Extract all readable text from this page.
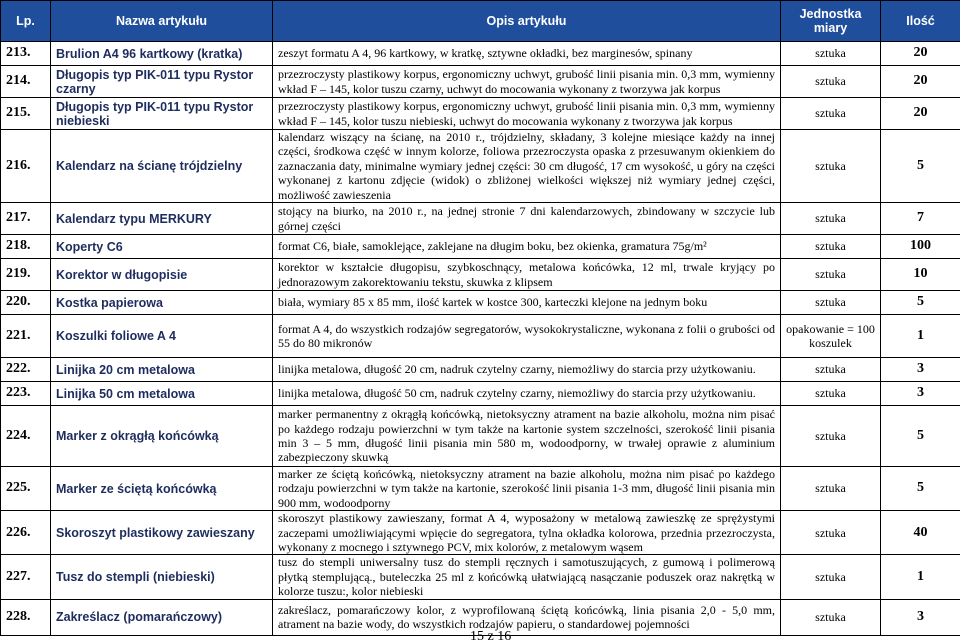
Lp.	Nazwa artykułu	Opis artykułu	Jednostka miary	Ilość
213.	Brulion A4 96 kartkowy (kratka)	zeszyt formatu A 4, 96 kartkowy, w kratkę, sztywne okładki, bez marginesów, spinany	sztuka	20
214.	Długopis typ PIK-011 typu Rystor czarny	przezroczysty plastikowy korpus, ergonomiczny uchwyt, grubość linii pisania min. 0,3 mm, wymienny wkład F – 145, kolor tuszu czarny, uchwyt do mocowania wykonany z tworzywa jak korpus	sztuka	20
215.	Długopis typ PIK-011 typu Rystor niebieski	przezroczysty plastikowy korpus, ergonomiczny uchwyt, grubość linii pisania min. 0,3 mm, wymienny wkład F – 145, kolor tuszu niebieski, uchwyt do mocowania wykonany z tworzywa jak korpus	sztuka	20
216.	Kalendarz na ścianę trójdzielny	kalendarz wiszący na ścianę, na 2010 r., trójdzielny, składany, 3 kolejne miesiące każdy na innej części, środkowa część w innym kolorze, foliowa przezroczysta opaska z przesuwanym okienkiem do zaznaczania daty, minimalne wymiary jednej części: 30 cm długość, 17 cm wysokość, u góry na części wykonanej z kartonu zdjęcie (widok) o zbliżonej wielkości większej niż wymiary jednej części, możliwość zawieszenia	sztuka	5
217.	Kalendarz typu MERKURY	stojący na biurko, na 2010 r., na jednej stronie 7 dni kalendarzowych, zbindowany w szczycie lub górnej części	sztuka	7
218.	Koperty C6	format C6, białe, samoklejące, zaklejane na długim boku, bez okienka, gramatura 75g/m²	sztuka	100
219.	Korektor w długopisie	korektor w kształcie długopisu, szybkoschnący, metalowa końcówka, 12 ml, trwale kryjący po jednorazowym zakorektowaniu tekstu, skuwka z klipsem	sztuka	10
220.	Kostka papierowa	biała, wymiary 85 x 85 mm, ilość kartek w kostce 300, karteczki klejone na jednym boku	sztuka	5
221.	Koszulki foliowe A 4	format A 4, do wszystkich rodzajów segregatorów, wysokokrystaliczne, wykonana z folii o grubości od 55 do 80 mikronów	opakowanie = 100 koszulek	1
222.	Linijka 20 cm metalowa	linijka metalowa, długość 20 cm, nadruk czytelny czarny, niemożliwy do starcia przy użytkowaniu.	sztuka	3
223.	Linijka 50 cm metalowa	linijka metalowa, długość 50 cm, nadruk czytelny czarny, niemożliwy do starcia przy użytkowaniu.	sztuka	3
224.	Marker z okrągłą końcówką	marker permanentny z okrągłą końcówką, nietoksyczny atrament na bazie alkoholu, można nim pisać po każdego rodzaju powierzchni w tym także na kartonie system szczelności, szerokość linii pisania min 3 – 5 mm, długość linii pisania min 580 m, wodoodporny, w trwałej oprawie z aluminium zabezpieczony skuwką	sztuka	5
225.	Marker ze ściętą końcówką	marker ze ściętą końcówką, nietoksyczny atrament na bazie alkoholu, można nim pisać po każdego rodzaju powierzchni w tym także na kartonie, szerokość linii pisania 1-3 mm, długość linii pisania min 900 mm, wodoodporny	sztuka	5
226.	Skoroszyt plastikowy zawieszany	skoroszyt plastikowy zawieszany, format A 4, wyposażony w metalową zawieszkę ze sprężystymi zaczepami umożliwiającymi wpięcie do segregatora, tylna okładka kolorowa, przednia przezroczysta, wykonany z mocnego i sztywnego PCV, mix kolorów, z metalowym wąsem	sztuka	40
227.	Tusz do stempli (niebieski)	tusz do stempli uniwersalny tusz do stempli ręcznych i samotuszujących, z gumową i polimerową płytką stemplującą., buteleczka 25 ml z końcówką ułatwiającą nasączanie poduszek oraz nakrętką w kolorze tuszu:, kolor niebieski	sztuka	1
228.	Zakreślacz (pomarańczowy)	zakreślacz, pomarańczowy kolor, z wyprofilowaną ściętą końcówką, linia pisania 2,0 - 5,0 mm, atrament na bazie wody, do wszystkich rodzajów papieru, o standardowej pojemności	sztuka	3
15 z 16
